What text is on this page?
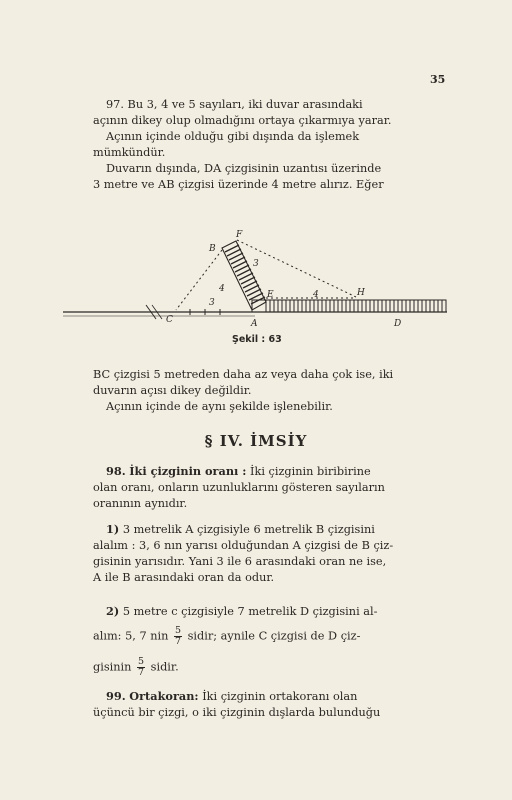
35
97. Bu 3, 4 ve 5 sayıları, iki duvar arasındaki
açının dikey olup olmadığını ortaya çıkarmıya yarar.
Açının içinde olduğu gibi dışında da işlemek
mümkündür.
Duvarın dışında, DA çizgisinin uzantısı üzerinde
3 metre ve AB çizgisi üzerinde 4 metre alırız. Eğer
F
B
3
4
E	4	H
3
C	A	D
Şekil : 63
BC çizgisi 5 metreden daha az veya daha çok ise, iki
duvarın açısı dikey değildir.
Açının içinde de aynı şekilde işlenebilir.
§ IV. İMSİY
98. İki çizginin oranı : İki çizginin biribirine
olan oranı, onların uzunluklarını gösteren sayıların
oranının aynıdır.
1) 3 metrelik A çizgisiyle 6 metrelik B çizgisini
alalım : 3, 6 nın yarısı olduğundan A çizgisi de B çiz-
gisinin yarısıdır. Yani 3 ile 6 arasındaki oran ne ise,
A ile B arasındaki oran da odur.
2) 5 metre c çizgisiyle 7 metrelik D çizgisini al-
alım: 5, 7 nin $\frac{5}{7}$ sidir; aynile C çizgisi de D çiz-
gisinin $\frac{5}{7}$ sidir.
99. Ortakoran: İki çizginin ortakoranı olan
üçüncü bir çizgi, o iki çizginin dışlarda bulunduğu
